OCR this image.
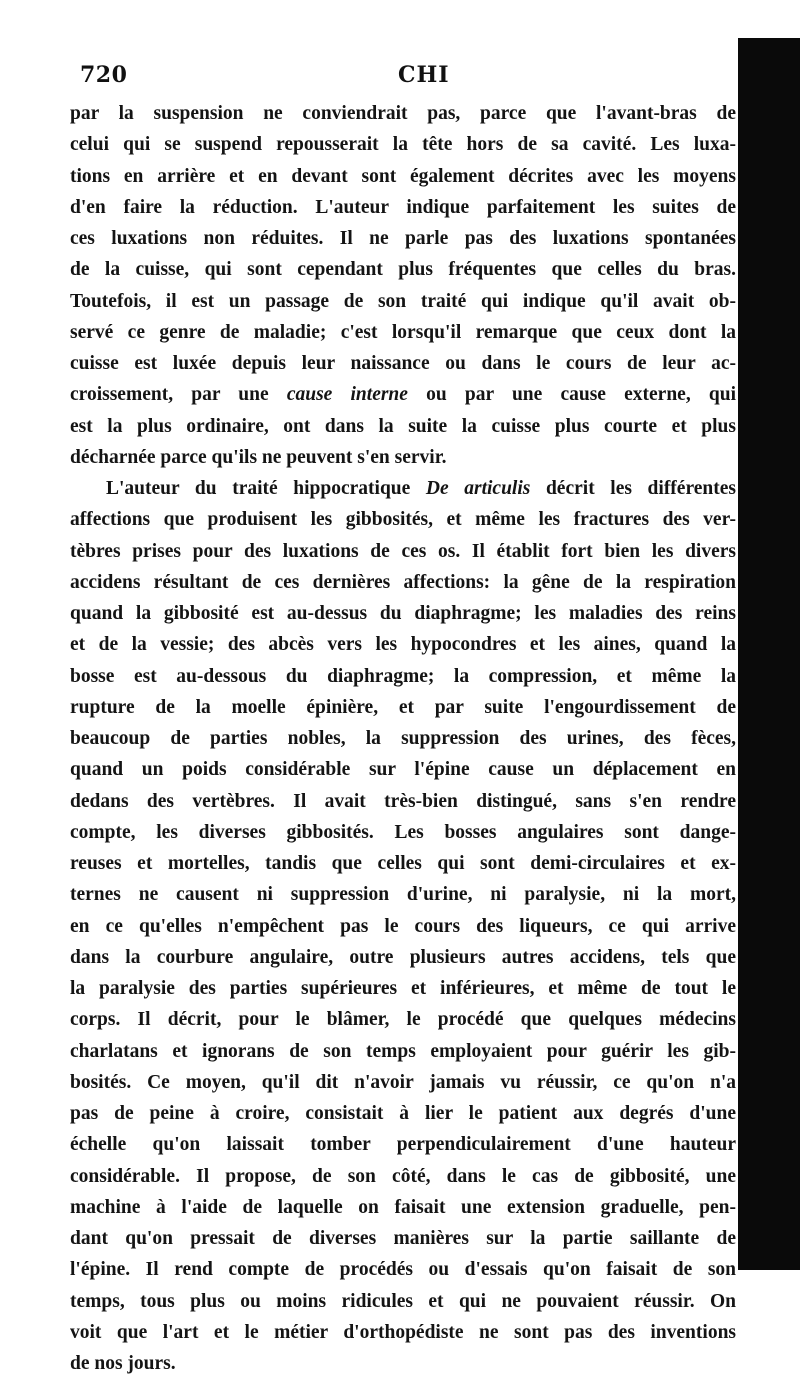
720	CHI
par la suspension ne conviendrait pas, parce que l'avant-bras de
celui qui se suspend repousserait la tête hors de sa cavité. Les luxa-
tions en arrière et en devant sont également décrites avec les moyens
d'en faire la réduction. L'auteur indique parfaitement les suites de
ces luxations non réduites. Il ne parle pas des luxations spontanées
de la cuisse, qui sont cependant plus fréquentes que celles du bras.
Toutefois, il est un passage de son traité qui indique qu'il avait ob-
servé ce genre de maladie; c'est lorsqu'il remarque que ceux dont la
cuisse est luxée depuis leur naissance ou dans le cours de leur ac-
croissement, par une cause interne ou par une cause externe, qui
est la plus ordinaire, ont dans la suite la cuisse plus courte et plus
décharnée parce qu'ils ne peuvent s'en servir.
L'auteur du traité hippocratique De articulis décrit les différentes
affections que produisent les gibbosités, et même les fractures des ver-
tèbres prises pour des luxations de ces os. Il établit fort bien les divers
accidens résultant de ces dernières affections: la gêne de la respiration
quand la gibbosité est au-dessus du diaphragme; les maladies des reins
et de la vessie; des abcès vers les hypocondres et les aines, quand la
bosse est au-dessous du diaphragme; la compression, et même la
rupture de la moelle épinière, et par suite l'engourdissement de
beaucoup de parties nobles, la suppression des urines, des fèces,
quand un poids considérable sur l'épine cause un déplacement en
dedans des vertèbres. Il avait très-bien distingué, sans s'en rendre
compte, les diverses gibbosités. Les bosses angulaires sont dange-
reuses et mortelles, tandis que celles qui sont demi-circulaires et ex-
ternes ne causent ni suppression d'urine, ni paralysie, ni la mort,
en ce qu'elles n'empêchent pas le cours des liqueurs, ce qui arrive
dans la courbure angulaire, outre plusieurs autres accidens, tels que
la paralysie des parties supérieures et inférieures, et même de tout le
corps. Il décrit, pour le blâmer, le procédé que quelques médecins
charlatans et ignorans de son temps employaient pour guérir les gib-
bosités. Ce moyen, qu'il dit n'avoir jamais vu réussir, ce qu'on n'a
pas de peine à croire, consistait à lier le patient aux degrés d'une
échelle qu'on laissait tomber perpendiculairement d'une hauteur
considérable. Il propose, de son côté, dans le cas de gibbosité, une
machine à l'aide de laquelle on faisait une extension graduelle, pen-
dant qu'on pressait de diverses manières sur la partie saillante de
l'épine. Il rend compte de procédés ou d'essais qu'on faisait de son
temps, tous plus ou moins ridicules et qui ne pouvaient réussir. On
voit que l'art et le métier d'orthopédiste ne sont pas des inventions
de nos jours.
